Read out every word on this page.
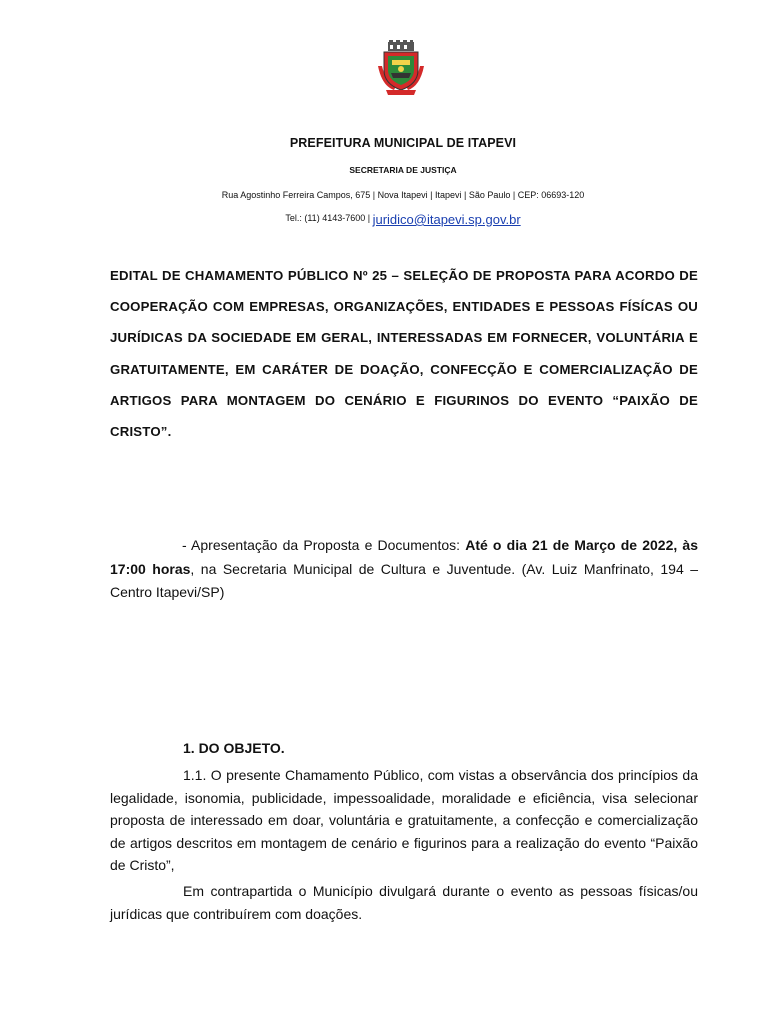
PREFEITURA MUNICIPAL DE ITAPEVI

SECRETARIA DE JUSTIÇA

Rua Agostinho Ferreira Campos, 675 | Nova Itapevi | Itapevi | São Paulo | CEP: 06693-120

Tel.: (11) 4143-7600 | juridico@itapevi.sp.gov.br

EDITAL DE CHAMAMENTO PÚBLICO Nº 25 – SELEÇÃO DE PROPOSTA PARA ACORDO DE COOPERAÇÃO COM EMPRESAS, ORGANIZAÇÕES, ENTIDADES E PESSOAS FÍSÍCAS OU JURÍDICAS DA SOCIEDADE EM GERAL, INTERESSADAS EM FORNECER, VOLUNTÁRIA E GRATUITAMENTE, EM CARÁTER DE DOAÇÃO, CONFECÇÃO E COMERCIALIZAÇÃO DE ARTIGOS PARA MONTAGEM DO CENÁRIO E FIGURINOS DO EVENTO “PAIXÃO DE CRISTO”.

- Apresentação da Proposta e Documentos: Até o dia 21 de Março de 2022, às 17:00 horas, na Secretaria Municipal de Cultura e Juventude. (Av. Luiz Manfrinato, 194 – Centro Itapevi/SP)

1. DO OBJETO.

1.1. O presente Chamamento Público, com vistas a observância dos princípios da legalidade, isonomia, publicidade, impessoalidade, moralidade e eficiência, visa selecionar proposta de interessado em doar, voluntária e gratuitamente, a confecção e comercialização de artigos descritos em montagem de cenário e figurinos para a realização do evento “Paixão de Cristo”,

Em contrapartida o Município divulgará durante o evento as pessoas físicas/ou jurídicas que contribuírem com doações.
